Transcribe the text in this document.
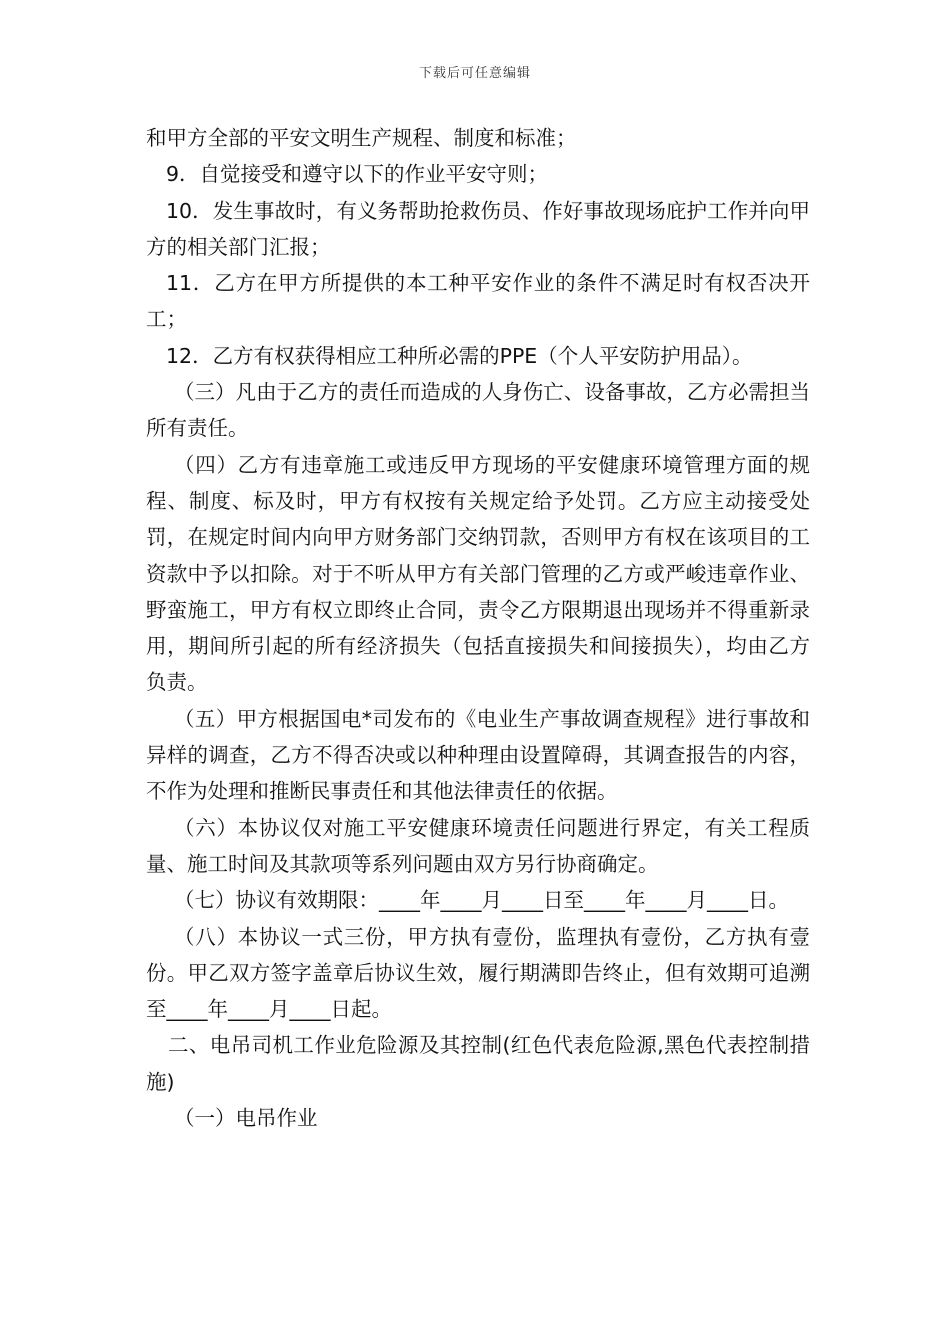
下载后可任意编辑

和甲方全部的平安文明生产规程、制度和标准；

9．自觉接受和遵守以下的作业平安守则；

10．发生事故时，有义务帮助抢救伤员、作好事故现场庇护工作并向甲方的相关部门汇报；

11．乙方在甲方所提供的本工种平安作业的条件不满足时有权否决开工；

12．乙方有权获得相应工种所必需的PPE（个人平安防护用品）。

（三）凡由于乙方的责任而造成的人身伤亡、设备事故，乙方必需担当所有责任。

（四）乙方有违章施工或违反甲方现场的平安健康环境管理方面的规程、制度、标及时，甲方有权按有关规定给予处罚。乙方应主动接受处罚，在规定时间内向甲方财务部门交纳罚款，否则甲方有权在该项目的工资款中予以扣除。对于不听从甲方有关部门管理的乙方或严峻违章作业、野蛮施工，甲方有权立即终止合同，责令乙方限期退出现场并不得重新录用，期间所引起的所有经济损失（包括直接损失和间接损失），均由乙方负责。

（五）甲方根据国电*司发布的《电业生产事故调查规程》进行事故和异样的调查，乙方不得否决或以种种理由设置障碍，其调查报告的内容，不作为处理和推断民事责任和其他法律责任的依据。

（六）本协议仅对施工平安健康环境责任问题进行界定，有关工程质量、施工时间及其款项等系列问题由双方另行协商确定。

（七）协议有效期限：____年____月____日至____年____月____日。

（八）本协议一式三份，甲方执有壹份，监理执有壹份，乙方执有壹份。甲乙双方签字盖章后协议生效，履行期满即告终止，但有效期可追溯至____年____月____日起。

二、电吊司机工作业危险源及其控制(红色代表危险源,黑色代表控制措施)

（一）电吊作业
